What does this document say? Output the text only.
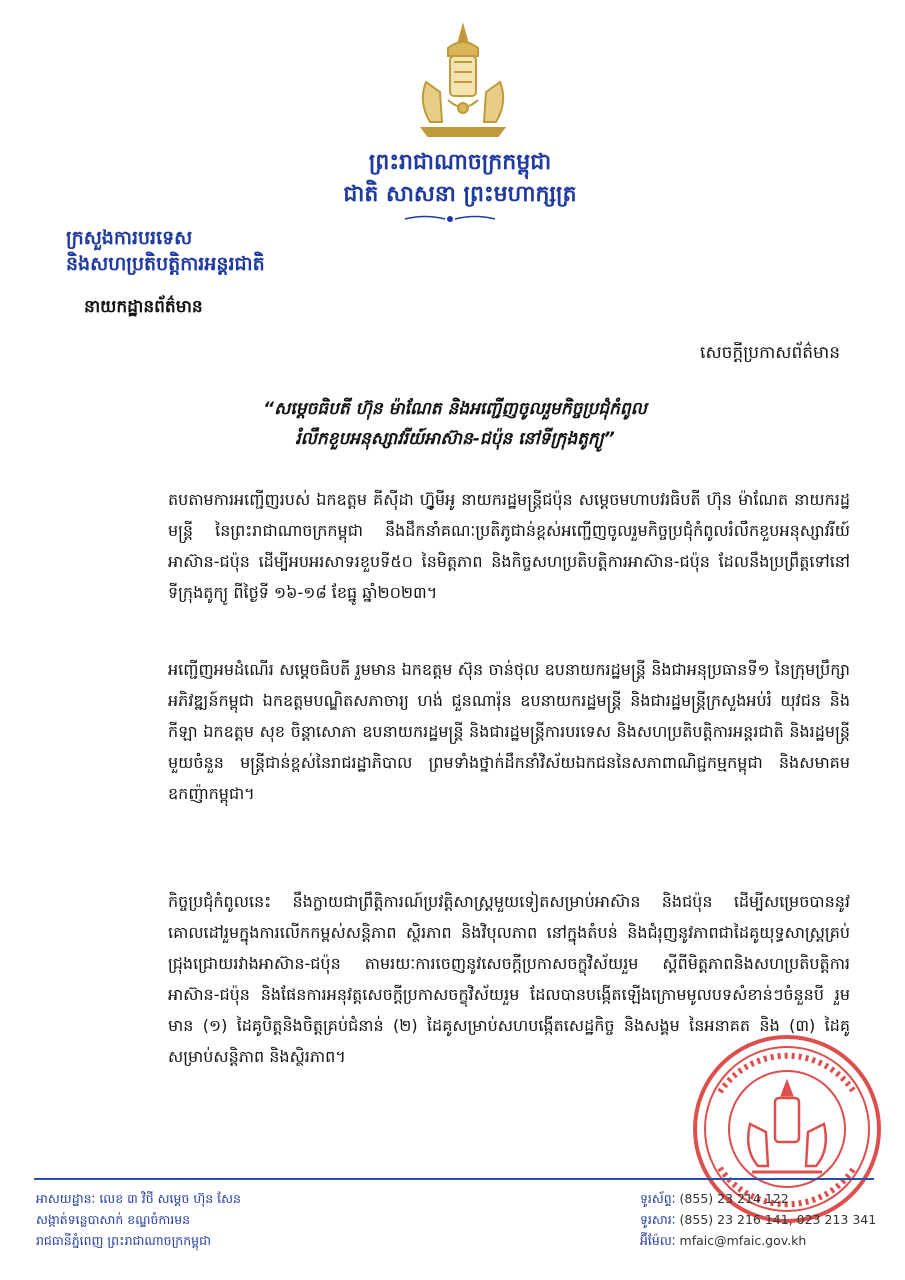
ព្រះរាជាណាចក្រកម្ពុជា
ជាតិ សាសនា ព្រះមហាក្សត្រ
ក្រសួងការបរទេស
និងសហប្រតិបត្តិការអន្តរជាតិ
នាយកដ្ឋានព័ត៌មាន
សេចក្តីប្រកាសព័ត៌មាន
“សម្តេចធិបតី ហ៊ុន ម៉ាណែត និងអញ្ជើញចូលរួមកិច្ចប្រជុំកំពូល
រំលឹកខួបអនុស្សាវរីយ៍អាស៊ាន-ជប៉ុន នៅទីក្រុងតូក្យូ”

តបតាមការអញ្ជើញរបស់ ឯកឧត្តម គីស៊ីដា ហ្វ៊ូមីអូ នាយករដ្ឋមន្ត្រីជប៉ុន សម្តេចមហាបវរធិបតី ហ៊ុន ម៉ាណែត នាយករដ្ឋមន្ត្រី នៃព្រះរាជាណាចក្រកម្ពុជា នឹងដឹកនាំគណៈប្រតិភូជាន់ខ្ពស់អញ្ជើញចូលរួមកិច្ចប្រជុំកំពូលរំលឹកខួបអនុស្សាវរីយ៍អាស៊ាន-ជប៉ុន ដើម្បីអបអរសាទរខួបទី៥០ នៃមិត្តភាព និងកិច្ចសហប្រតិបត្តិការអាស៊ាន-ជប៉ុន ដែលនឹងប្រព្រឹត្តទៅនៅទីក្រុងតូក្យូ ពីថ្ងៃទី ១៦-១៨ ខែធ្នូ ឆ្នាំ២០២៣។

អញ្ជើញអមដំណើរ សម្តេចធិបតី រួមមាន ឯកឧត្តម ស៊ុន ចាន់ថុល ឧបនាយករដ្ឋមន្ត្រី និងជាអនុប្រធានទី១ នៃក្រុមប្រឹក្សាអភិវឌ្ឍន៍កម្ពុជា ឯកឧត្តមបណ្ឌិតសភាចារ្យ ហង់ ជួនណារ៉ុន ឧបនាយករដ្ឋមន្ត្រី និងជារដ្ឋមន្ត្រីក្រសួងអប់រំ យុវជន និងកីឡា ឯកឧត្តម សុខ ចិន្តាសោភា ឧបនាយករដ្ឋមន្ត្រី និងជារដ្ឋមន្ត្រីការបរទេស និងសហប្រតិបត្តិការអន្តរជាតិ និងរដ្ឋមន្ត្រីមួយចំនួន មន្ត្រីជាន់ខ្ពស់នៃរាជរដ្ឋាភិបាល ព្រមទាំងថ្នាក់ដឹកនាំវិស័យឯកជននៃសភាពាណិជ្ជកម្មកម្ពុជា និងសមាគមឧកញ៉ាកម្ពុជា។

កិច្ចប្រជុំកំពូលនេះ នឹងក្លាយជាព្រឹត្តិការណ៍ប្រវត្តិសាស្ត្រមួយទៀតសម្រាប់អាស៊ាន និងជប៉ុន ដើម្បីសម្រេចបាននូវគោលដៅរួមក្នុងការលើកកម្ពស់សន្តិភាព ស្ថិរភាព និងវិបុលភាព នៅក្នុងតំបន់ និងជំរុញនូវភាពជាដៃគូយុទ្ធសាស្ត្រគ្រប់ជ្រុងជ្រោយរវាងអាស៊ាន-ជប៉ុន តាមរយៈការចេញនូវសេចក្តីប្រកាសចក្ខុវិស័យរួម ស្តីពីមិត្តភាពនិងសហប្រតិបត្តិការអាស៊ាន-ជប៉ុន និងផែនការអនុវត្តសេចក្តីប្រកាសចក្ខុវិស័យរួម ដែលបានបង្កើតឡើងក្រោមមូលបទសំខាន់ៗចំនួនបី រួមមាន (១) ដៃគូបិត្តនិងចិត្តគ្រប់ជំនាន់ (២) ដៃគូសម្រាប់សហបង្កើតសេដ្ឋកិច្ច និងសង្គម នៃអនាគត និង (៣) ដៃគូសម្រាប់សន្តិភាព និងស្ថិរភាព។

អាសយដ្ឋានៈ លេខ ៣ វិថី សម្តេច ហ៊ុន សែន
សង្កាត់ទន្លេបាសាក់ ខណ្ឌចំការមន
រាជធានីភ្នំពេញ ព្រះរាជាណាចក្រកម្ពុជា
ទូរស័ព្ទៈ (855) 23 214 122
ទូរសារៈ (855) 23 216 141, 023 213 341
អ៊ីម៉ែលៈ mfaic@mfaic.gov.kh
